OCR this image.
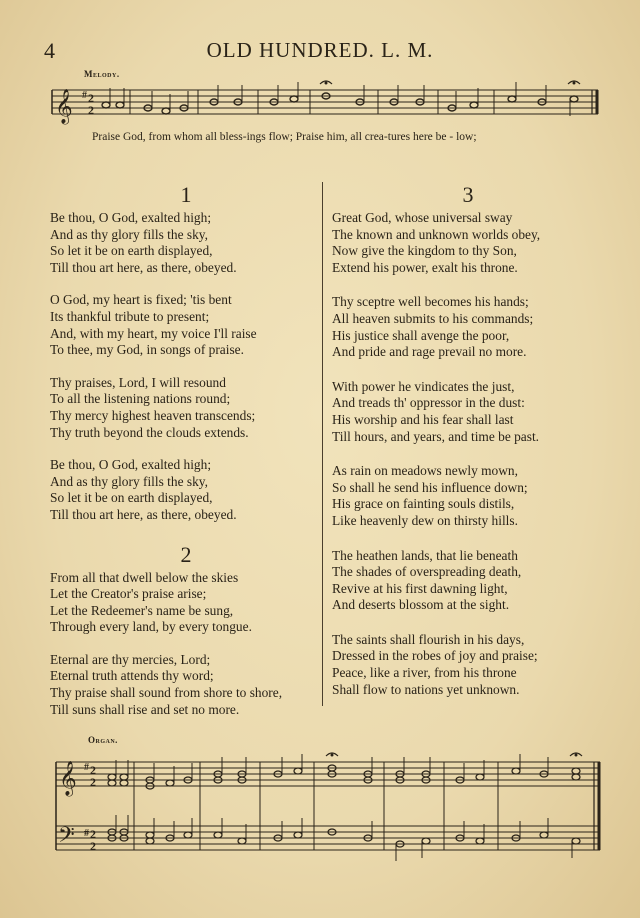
4	OLD HUNDRED. L. M.
Melody.
𝄞 # 2
2
Praise God, from whom all bless-ings flow; Praise him, all crea-tures here be - low;
1
Be thou, O God, exalted high;
And as thy glory fills the sky,
So let it be on earth displayed,
Till thou art here, as there, obeyed.
O God, my heart is fixed; 'tis bent
Its thankful tribute to present;
And, with my heart, my voice I'll raise
To thee, my God, in songs of praise.
Thy praises, Lord, I will resound
To all the listening nations round;
Thy mercy highest heaven transcends;
Thy truth beyond the clouds extends.
Be thou, O God, exalted high;
And as thy glory fills the sky,
So let it be on earth displayed,
Till thou art here, as there, obeyed.
2
From all that dwell below the skies
Let the Creator's praise arise;
Let the Redeemer's name be sung,
Through every land, by every tongue.
Eternal are thy mercies, Lord;
Eternal truth attends thy word;
Thy praise shall sound from shore to shore,
Till suns shall rise and set no more.
3
Great God, whose universal sway
The known and unknown worlds obey,
Now give the kingdom to thy Son,
Extend his power, exalt his throne.
Thy sceptre well becomes his hands;
All heaven submits to his commands;
His justice shall avenge the poor,
And pride and rage prevail no more.
With power he vindicates the just,
And treads th' oppressor in the dust:
His worship and his fear shall last
Till hours, and years, and time be past.
As rain on meadows newly mown,
So shall he send his influence down;
His grace on fainting souls distils,
Like heavenly dew on thirsty hills.
The heathen lands, that lie beneath
The shades of overspreading death,
Revive at his first dawning light,
And deserts blossom at the sight.
The saints shall flourish in his days,
Dressed in the robes of joy and praise;
Peace, like a river, from his throne
Shall flow to nations yet unknown.
Organ.
𝄞
𝄢
#
#
2
2
2
2
